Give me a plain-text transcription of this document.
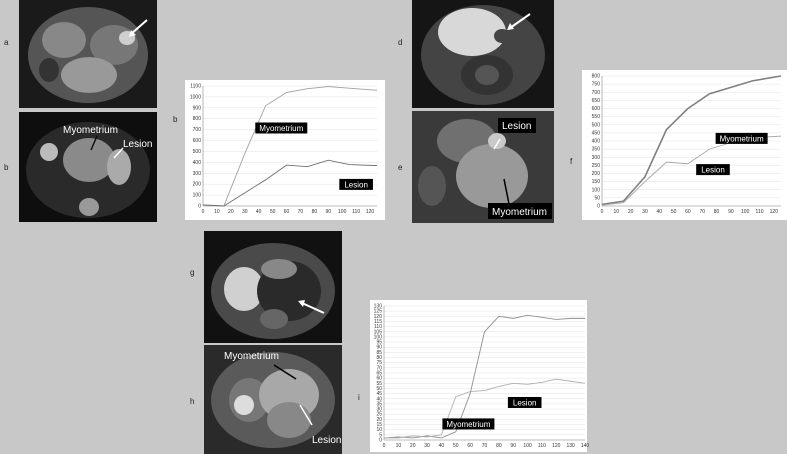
a
b
b
d
e
f
g
h	i
Myometrium
Lesion
0
100
200
300
400
500
600
700
800
900
1000
1100
0 10 20 30 40 50 60 70 80 90 100 110 120
Myometrium
Lesion
Lesion
Myometrium
0
50
100
150
200
250
300
350
400
450
500
550
600
650
700
750
800
0 10 20 30 40 50 60 70 80 90 100 110 120
Lesion
Myometrium
Myometrium
Lesion	0
5
10
15
20
25
30
35
40
45
50
55
60
65
70
75
80
85
90
95
100
105
110
115
120
125
130
0 10 20 30 40 50 60 70 80 90 100 110 120 130 140
Myometrium
Lesion
